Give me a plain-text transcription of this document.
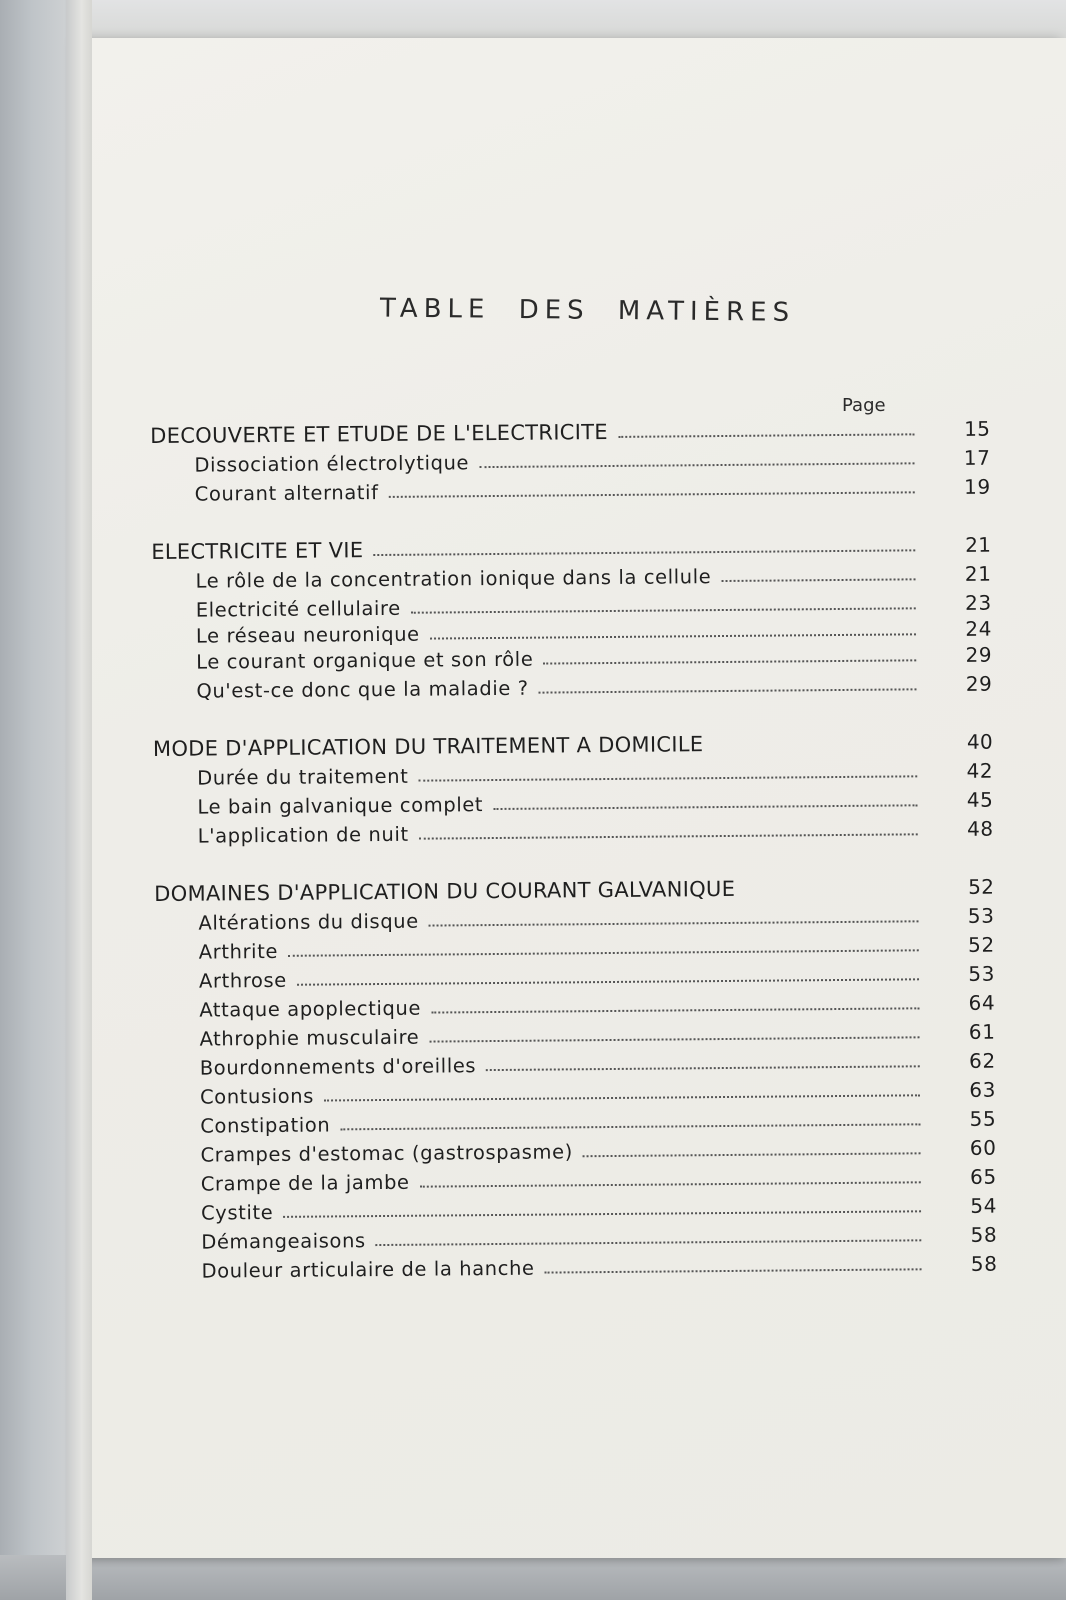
TABLE DES MATIÈRES
Page
DECOUVERTE ET ETUDE DE L'ELECTRICITE	15
Dissociation électrolytique	17
Courant alternatif	19
ELECTRICITE ET VIE	21
Le rôle de la concentration ionique dans la cellule	21
Electricité cellulaire	23
Le réseau neuronique	24
Le courant organique et son rôle	29
Qu'est-ce donc que la maladie ?	29
MODE D'APPLICATION DU TRAITEMENT A DOMICILE	40
Durée du traitement	42
Le bain galvanique complet	45
L'application de nuit	48
DOMAINES D'APPLICATION DU COURANT GALVANIQUE	52
Altérations du disque	53
Arthrite	52
Arthrose	53
Attaque apoplectique	64
Athrophie musculaire	61
Bourdonnements d'oreilles	62
Contusions	63
Constipation	55
Crampes d'estomac (gastrospasme)	60
Crampe de la jambe	65
Cystite	54
Démangeaisons	58
Douleur articulaire de la hanche	58
